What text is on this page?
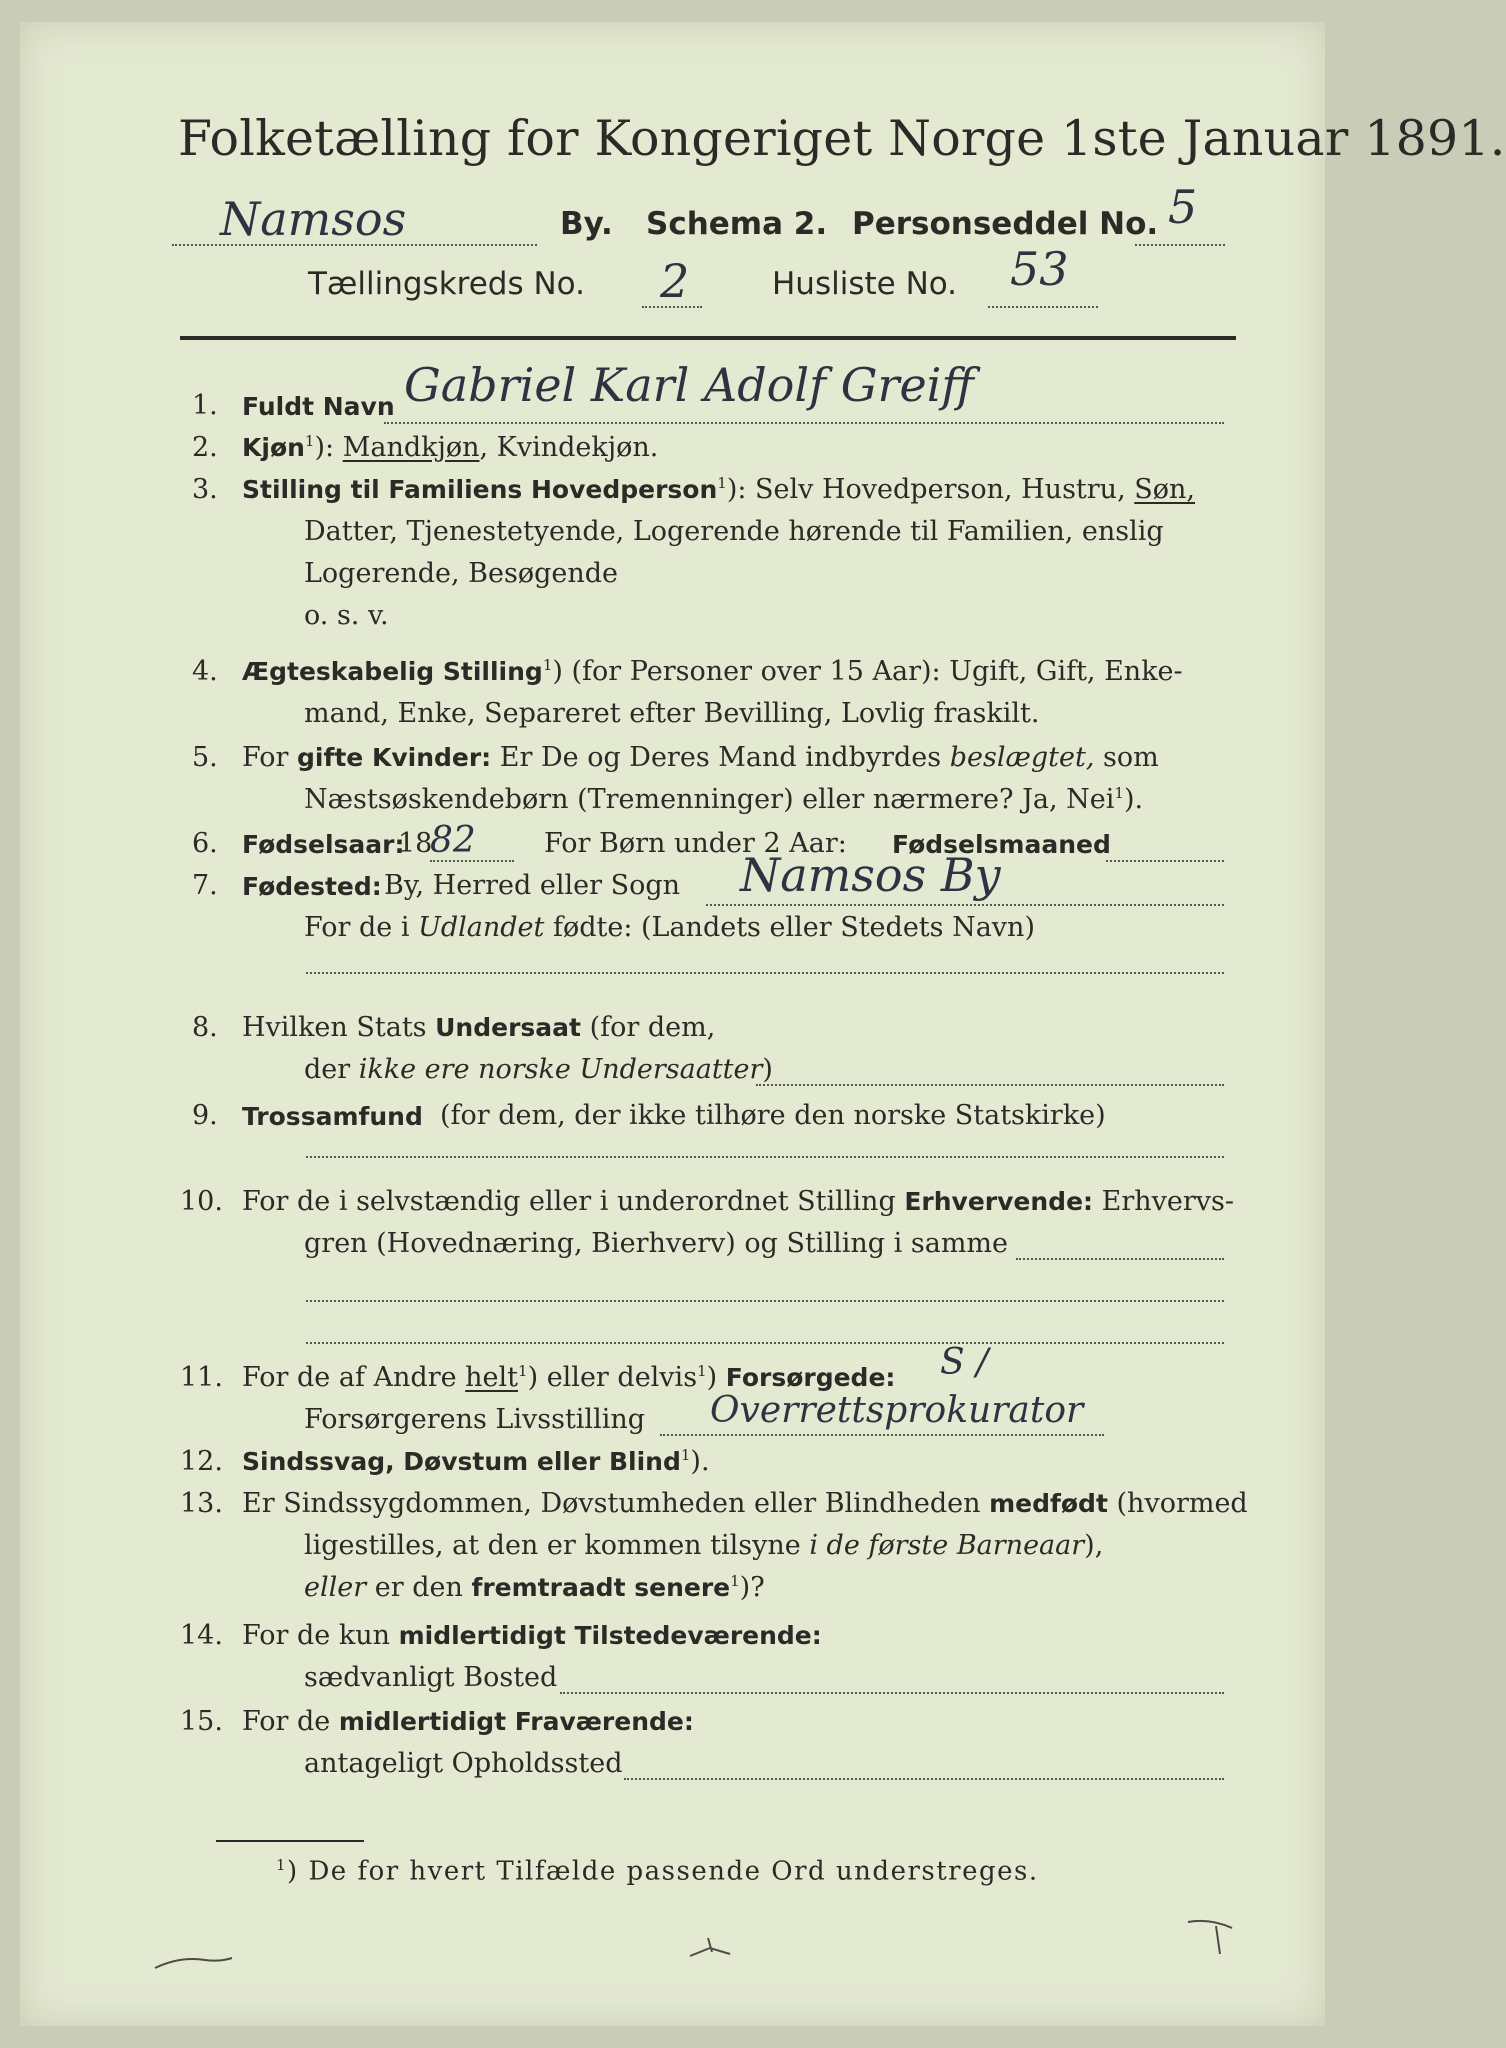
Folketælling for Kongeriget Norge 1ste Januar 1891.
Namsos	By. Schema 2. Personseddel No. 5
Tællingskreds No. 2	Husliste No. 53
1. Fuldt Navn Gabriel Karl Adolf Greiff
2. Kjøn$^1$): Mandkjøn, Kvindekjøn.
3. Stilling til Familiens Hovedperson$^1$): Selv Hovedperson, Hustru, Søn,
Datter, Tjenestetyende, Logerende hørende til Familien, enslig
Logerende, Besøgende
o. s. v.
4. Ægteskabelig Stilling$^1$) (for Personer over 15 Aar): Ugift, Gift, Enke-
mand, Enke, Separeret efter Bevilling, Lovlig fraskilt.
5. For gifte Kvinder: Er De og Deres Mand indbyrdes beslægtet, som
Næstsøskendebørn (Tremenninger) eller nærmere? Ja, Nei$^1$).
6. Fødselsaar:
18
82	For Børn under 2 Aar: Fødselsmaaned
7. Fødested: By, Herred eller Sogn Namsos By
For de i Udlandet fødte: (Landets eller Stedets Navn)
8. Hvilken Stats Undersaat (for dem,
der ikke ere norske Undersaatter)
9. Trossamfund (for dem, der ikke tilhøre den norske Statskirke)
10. For de i selvstændig eller i underordnet Stilling Erhvervende: Erhvervs-
gren (Hovednæring, Bierhverv) og Stilling i samme
11. For de af Andre helt$^1$) eller delvis$^1$) Forsørgede: S /
Forsørgerens Livsstilling Overrettsprokurator
12. Sindssvag, Døvstum eller Blind$^1$).
13. Er Sindssygdommen, Døvstumheden eller Blindheden medfødt (hvormed
ligestilles, at den er kommen tilsyne i de første Barneaar),
eller er den fremtraadt senere$^1$)?
14. For de kun midlertidigt Tilstedeværende:
sædvanligt Bosted
15. For de midlertidigt Fraværende:
antageligt Opholdssted
$^1$) De for hvert Tilfælde passende Ord understreges.
